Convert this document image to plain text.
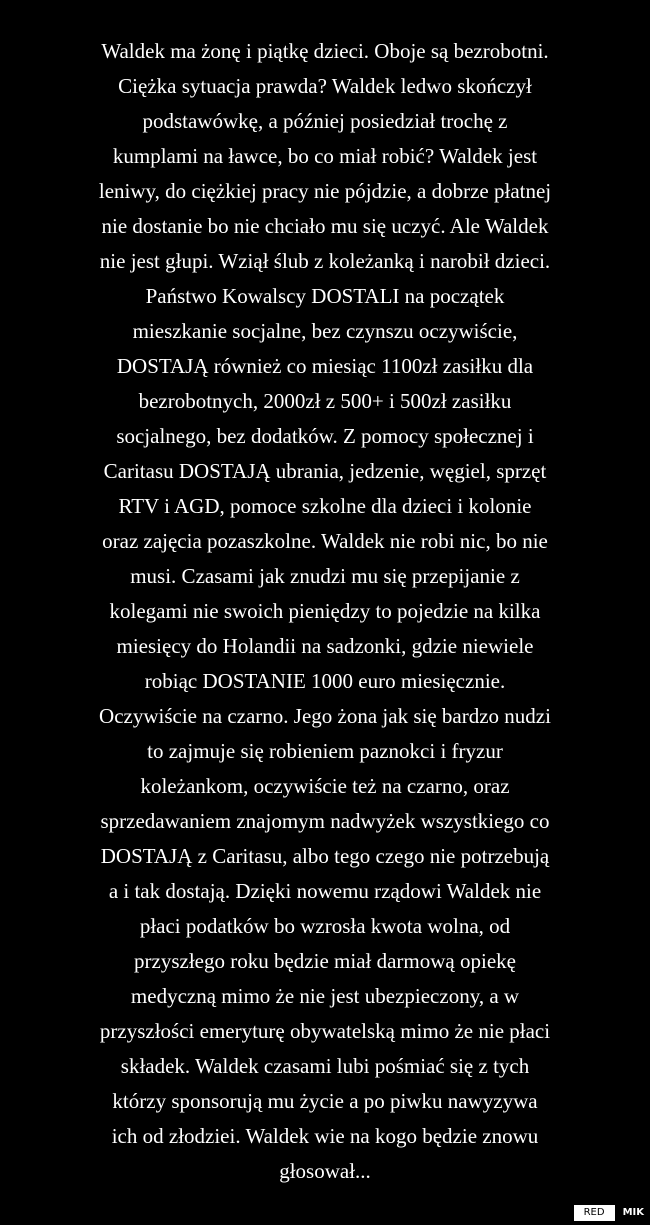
Waldek ma żonę i piątkę dzieci. Oboje są bezrobotni.
Ciężka sytuacja prawda? Waldek ledwo skończył
podstawówkę, a później posiedział trochę z
kumplami na ławce, bo co miał robić? Waldek jest
leniwy, do ciężkiej pracy nie pójdzie, a dobrze płatnej
nie dostanie bo nie chciało mu się uczyć. Ale Waldek
nie jest głupi. Wziął ślub z koleżanką i narobił dzieci.
Państwo Kowalscy DOSTALI na początek
mieszkanie socjalne, bez czynszu oczywiście,
DOSTAJĄ również co miesiąc 1100zł zasiłku dla
bezrobotnych, 2000zł z 500+ i 500zł zasiłku
socjalnego, bez dodatków. Z pomocy społecznej i
Caritasu DOSTAJĄ ubrania, jedzenie, węgiel, sprzęt
RTV i AGD, pomoce szkolne dla dzieci i kolonie
oraz zajęcia pozaszkolne. Waldek nie robi nic, bo nie
musi. Czasami jak znudzi mu się przepijanie z
kolegami nie swoich pieniędzy to pojedzie na kilka
miesięcy do Holandii na sadzonki, gdzie niewiele
robiąc DOSTANIE 1000 euro miesięcznie.
Oczywiście na czarno. Jego żona jak się bardzo nudzi
to zajmuje się robieniem paznokci i fryzur
koleżankom, oczywiście też na czarno, oraz
sprzedawaniem znajomym nadwyżek wszystkiego co
DOSTAJĄ z Caritasu, albo tego czego nie potrzebują
a i tak dostają. Dzięki nowemu rządowi Waldek nie
płaci podatków bo wzrosła kwota wolna, od
przyszłego roku będzie miał darmową opiekę
medyczną mimo że nie jest ubezpieczony, a w
przyszłości emeryturę obywatelską mimo że nie płaci
składek. Waldek czasami lubi pośmiać się z tych
którzy sponsorują mu życie a po piwku nawyzywa
ich od złodziei. Waldek wie na kogo będzie znowu
głosował...
RED	MIK
